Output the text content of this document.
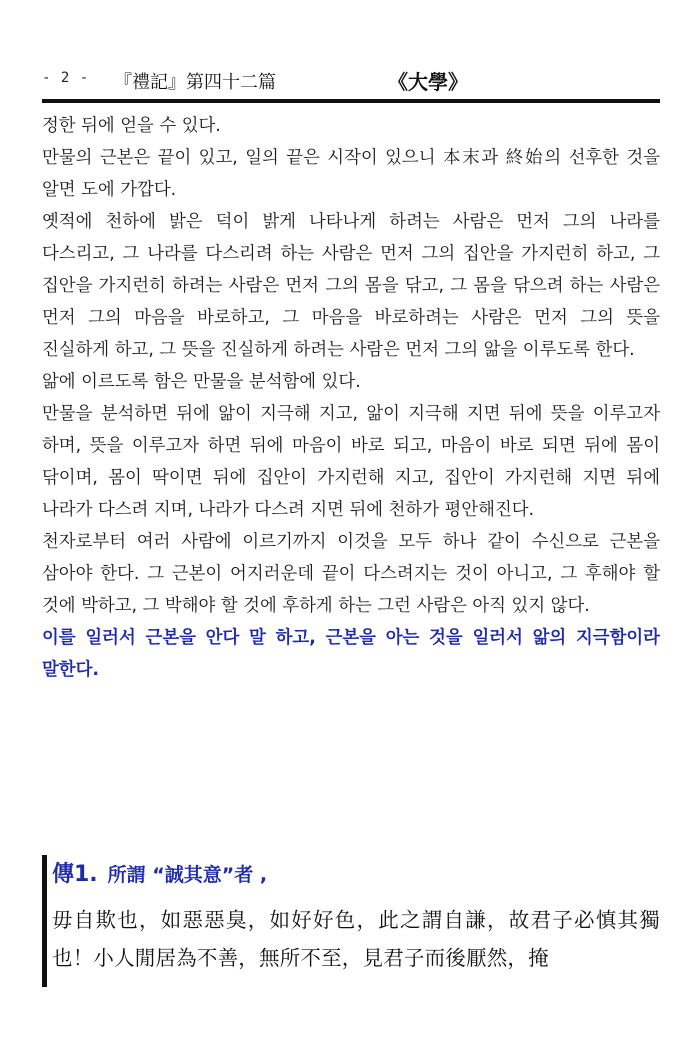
- 2 - 『禮記』第四十二篇	《大學》

정한 뒤에 얻을 수 있다.

만물의 근본은 끝이 있고, 일의 끝은 시작이 있으니 本末과 終始의 선후한 것을 알면 도에 가깝다.

옛적에 천하에 밝은 덕이 밝게 나타나게 하려는 사람은 먼저 그의 나라를 다스리고, 그 나라를 다스리려 하는 사람은 먼저 그의 집안을 가지런히 하고, 그 집안을 가지런히 하려는 사람은 먼저 그의 몸을 닦고, 그 몸을 닦으려 하는 사람은 먼저 그의 마음을 바로하고, 그 마음을 바로하려는 사람은 먼저 그의 뜻을 진실하게 하고, 그 뜻을 진실하게 하려는 사람은 먼저 그의 앎을 이루도록 한다.

앎에 이르도록 함은 만물을 분석함에 있다.

만물을 분석하면 뒤에 앎이 지극해 지고, 앎이 지극해 지면 뒤에 뜻을 이루고자 하며, 뜻을 이루고자 하면 뒤에 마음이 바로 되고, 마음이 바로 되면 뒤에 몸이 닦이며, 몸이 딱이면 뒤에 집안이 가지런해 지고, 집안이 가지런해 지면 뒤에 나라가 다스려 지며, 나라가 다스려 지면 뒤에 천하가 평안해진다.

천자로부터 여러 사람에 이르기까지 이것을 모두 하나 같이 수신으로 근본을 삼아야 한다. 그 근본이 어지러운데 끝이 다스려지는 것이 아니고, 그 후해야 할 것에 박하고, 그 박해야 할 것에 후하게 하는 그런 사람은 아직 있지 않다.

이를 일러서 근본을 안다 말 하고, 근본을 아는 것을 일러서 앎의 지극함이라 말한다.

傳1. 所謂 “誠其意”者 ,

毋自欺也，如惡惡臭，如好好色，此之謂自謙，故君子必慎其獨也！小人閒居為不善，無所不至，見君子而後厭然，掩
